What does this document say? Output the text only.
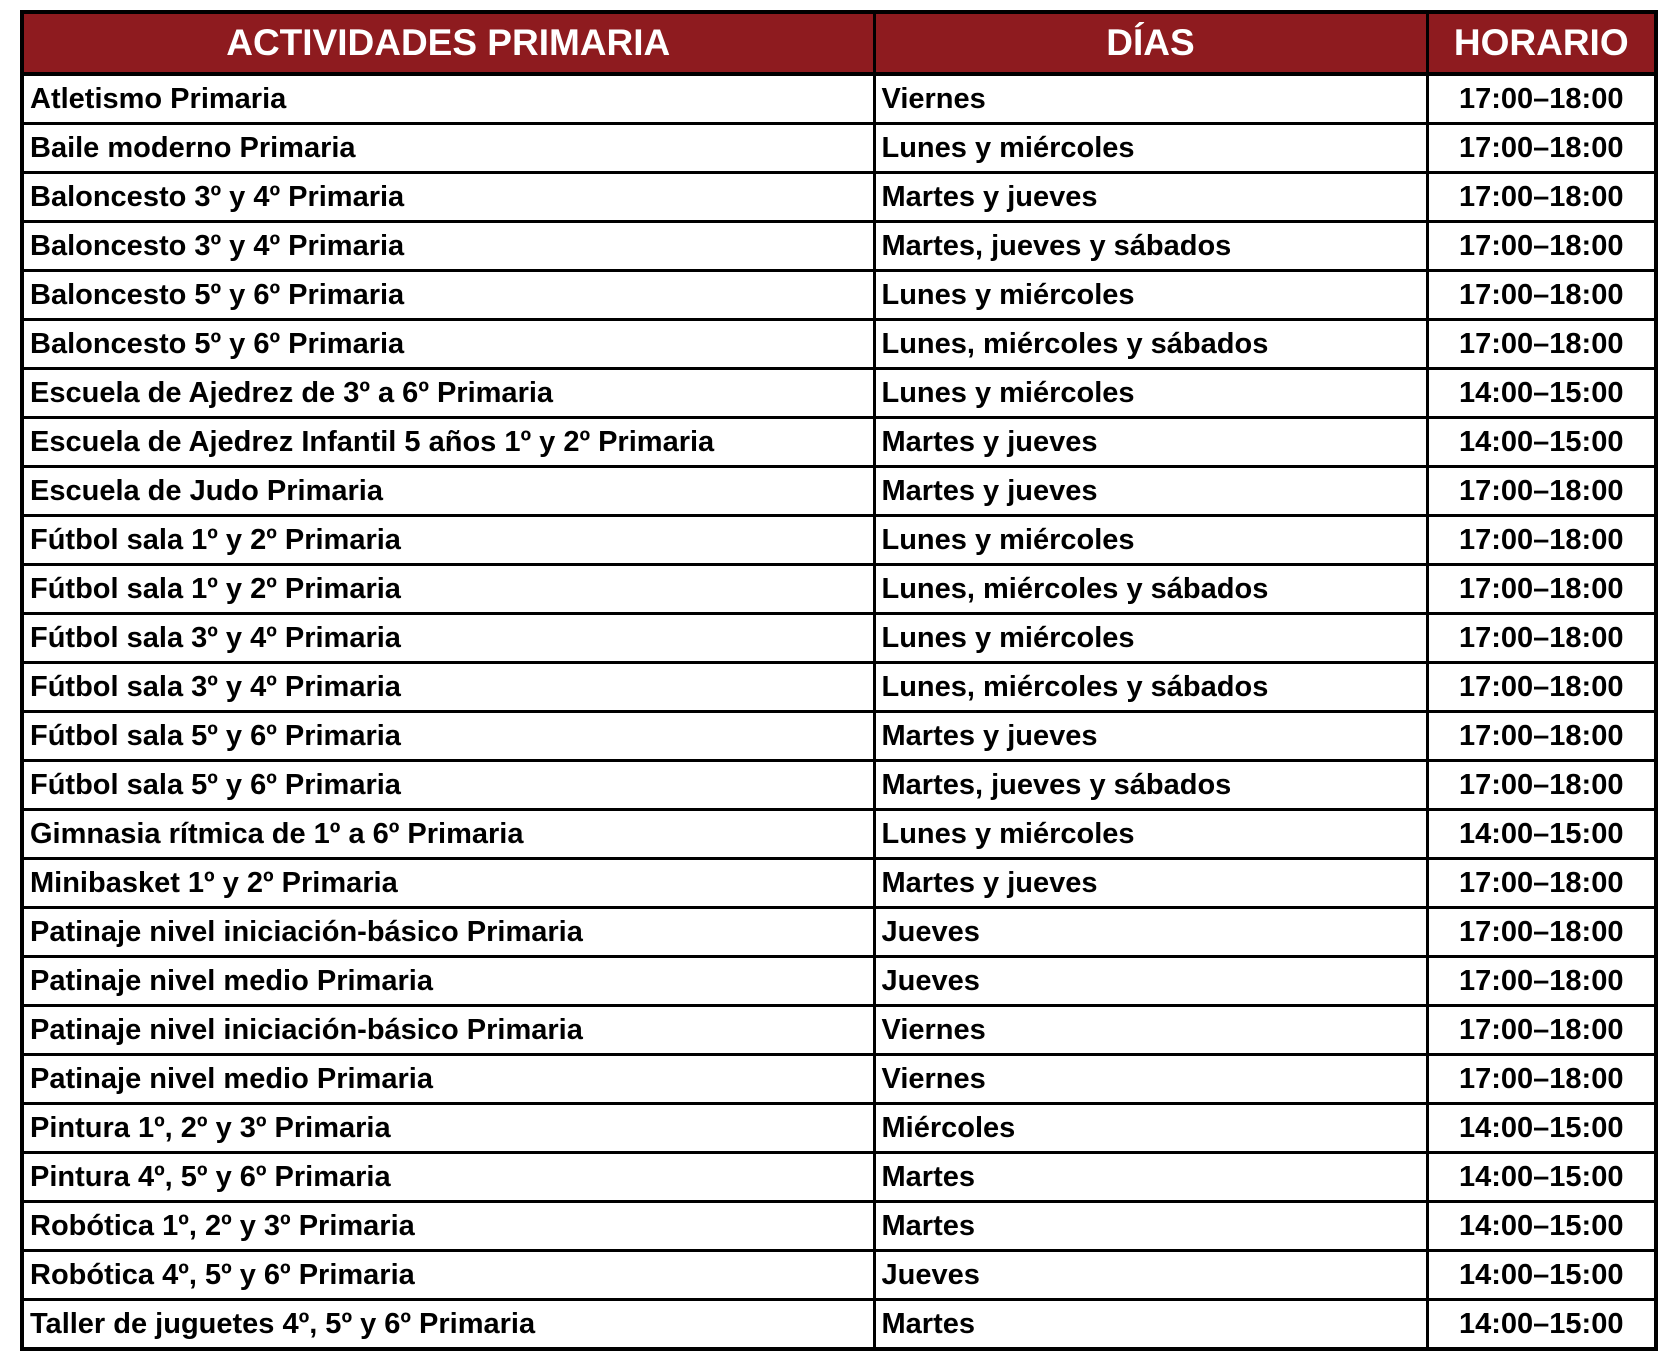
ACTIVIDADES PRIMARIA	DÍAS	HORARIO
Atletismo Primaria	Viernes	17:00–18:00
Baile moderno Primaria	Lunes y miércoles	17:00–18:00
Baloncesto 3º y 4º Primaria	Martes y jueves	17:00–18:00
Baloncesto 3º y 4º Primaria	Martes, jueves y sábados	17:00–18:00
Baloncesto 5º y 6º Primaria	Lunes y miércoles	17:00–18:00
Baloncesto 5º y 6º Primaria	Lunes, miércoles y sábados	17:00–18:00
Escuela de Ajedrez de 3º a 6º Primaria	Lunes y miércoles	14:00–15:00
Escuela de Ajedrez Infantil 5 años 1º y 2º Primaria	Martes y jueves	14:00–15:00
Escuela de Judo Primaria	Martes y jueves	17:00–18:00
Fútbol sala 1º y 2º Primaria	Lunes y miércoles	17:00–18:00
Fútbol sala 1º y 2º Primaria	Lunes, miércoles y sábados	17:00–18:00
Fútbol sala 3º y 4º Primaria	Lunes y miércoles	17:00–18:00
Fútbol sala 3º y 4º Primaria	Lunes, miércoles y sábados	17:00–18:00
Fútbol sala 5º y 6º Primaria	Martes y jueves	17:00–18:00
Fútbol sala 5º y 6º Primaria	Martes, jueves y sábados	17:00–18:00
Gimnasia rítmica de 1º a 6º Primaria	Lunes y miércoles	14:00–15:00
Minibasket 1º y 2º Primaria	Martes y jueves	17:00–18:00
Patinaje nivel iniciación-básico Primaria	Jueves	17:00–18:00
Patinaje nivel medio Primaria	Jueves	17:00–18:00
Patinaje nivel iniciación-básico Primaria	Viernes	17:00–18:00
Patinaje nivel medio Primaria	Viernes	17:00–18:00
Pintura 1º, 2º y 3º Primaria	Miércoles	14:00–15:00
Pintura 4º, 5º y 6º Primaria	Martes	14:00–15:00
Robótica 1º, 2º y 3º Primaria	Martes	14:00–15:00
Robótica 4º, 5º y 6º Primaria	Jueves	14:00–15:00
Taller de juguetes 4º, 5º y 6º Primaria	Martes	14:00–15:00
